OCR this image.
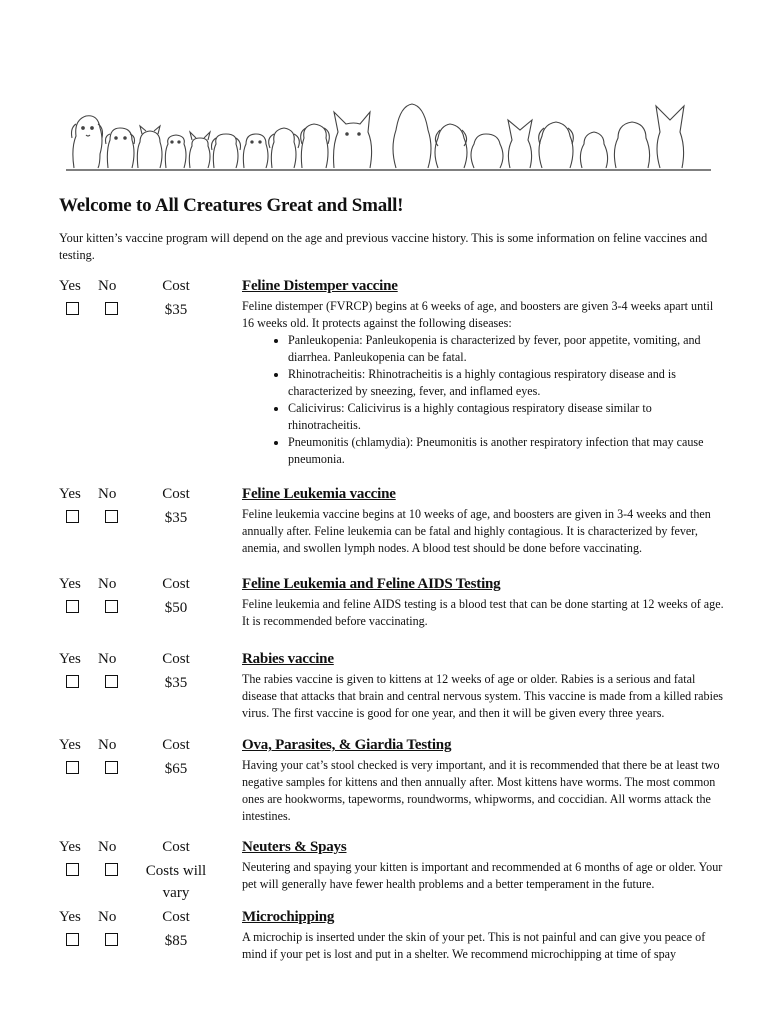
Welcome to All Creatures Great and Small!

Your kitten’s vaccine program will depend on the age and previous vaccine history. This is some information on feline vaccines and testing.

Yes No	Cost
$35
Feline Distemper vaccine
Feline distemper (FVRCP) begins at 6 weeks of age, and boosters are given 3-4 weeks apart until 16 weeks old. It protects against the following diseases:
• Panleukopenia: Panleukopenia is characterized by fever, poor appetite, vomiting, and diarrhea. Panleukopenia can be fatal.
• Rhinotracheitis: Rhinotracheitis is a highly contagious respiratory disease and is characterized by sneezing, fever, and inflamed eyes.
• Calicivirus: Calicivirus is a highly contagious respiratory disease similar to rhinotracheitis.
• Pneumonitis (chlamydia): Pneumonitis is another respiratory infection that may cause pneumonia.
Yes No	Cost
$35
Feline Leukemia vaccine

Feline leukemia vaccine begins at 10 weeks of age, and boosters are given in 3-4 weeks and then annually after. Feline leukemia can be fatal and highly contagious. It is characterized by fever, anemia, and swollen lymph nodes. A blood test should be done before vaccinating.

Yes No	Cost
$50
Feline Leukemia and Feline AIDS Testing

Feline leukemia and feline AIDS testing is a blood test that can be done starting at 12 weeks of age. It is recommended before vaccinating.

Yes No	Cost
$35
Rabies vaccine

The rabies vaccine is given to kittens at 12 weeks of age or older. Rabies is a serious and fatal disease that attacks that brain and central nervous system. This vaccine is made from a killed rabies virus. The first vaccine is good for one year, and then it will be given every three years.

Yes No	Cost
$65
Ova, Parasites, & Giardia Testing

Having your cat’s stool checked is very important, and it is recommended that there be at least two negative samples for kittens and then annually after. Most kittens have worms. The most common ones are hookworms, tapeworms, roundworms, whipworms, and coccidian. All worms attack the intestines.

Yes No	Cost
Costs will vary
Neuters & Spays

Neutering and spaying your kitten is important and recommended at 6 months of age or older. Your pet will generally have fewer health problems and a better temperament in the future.

Yes No	Cost
$85
Microchipping

A microchip is inserted under the skin of your pet. This is not painful and can give you peace of mind if your pet is lost and put in a shelter. We recommend microchipping at time of spay
